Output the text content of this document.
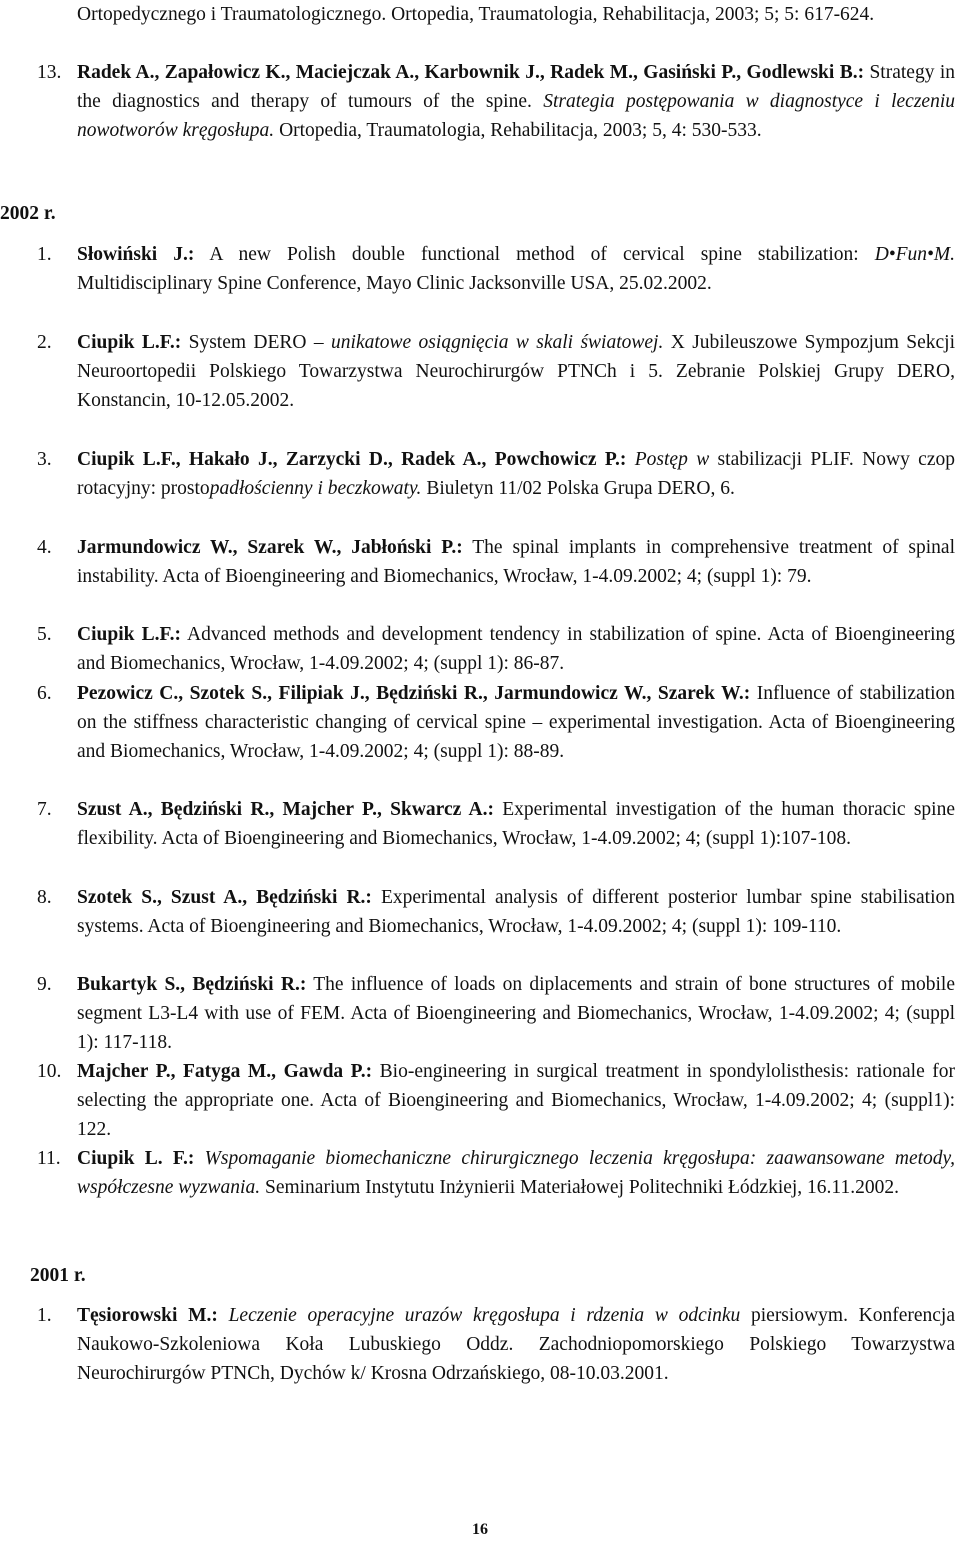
Ortopedycznego i Traumatologicznego. Ortopedia, Traumatologia, Rehabilitacja, 2003; 5; 5: 617-624.
13. Radek A., Zapałowicz K., Maciejczak A., Karbownik J., Radek M., Gasiński P., Godlewski B.: Strategy in the diagnostics and therapy of tumours of the spine. Strategia postępowania w diagnostyce i leczeniu nowotworów kręgosłupa. Ortopedia, Traumatologia, Rehabilitacja, 2003; 5, 4: 530-533.
2002 r.
1.	Słowiński J.: A new Polish double functional method of cervical spine stabilization: D•Fun•M. Multidisciplinary Spine Conference, Mayo Clinic Jacksonville USA, 25.02.2002.
2.	Ciupik L.F.: System DERO – unikatowe osiągnięcia w skali światowej. X Jubileuszowe Sympozjum Sekcji Neuroortopedii Polskiego Towarzystwa Neurochirurgów PTNCh i 5. Zebranie Polskiej Grupy DERO, Konstancin, 10-12.05.2002.
3.	Ciupik L.F., Hakało J., Zarzycki D., Radek A., Powchowicz P.: Postęp w stabilizacji PLIF. Nowy czop rotacyjny: prostopadłościenny i beczkowaty. Biuletyn 11/02 Polska Grupa DERO, 6.
4.	Jarmundowicz W., Szarek W., Jabłoński P.: The spinal implants in comprehensive treatment of spinal instability. Acta of Bioengineering and Biomechanics, Wrocław, 1-4.09.2002; 4; (suppl 1): 79.
5.	Ciupik L.F.: Advanced methods and development tendency in stabilization of spine. Acta of Bioengineering and Biomechanics, Wrocław, 1-4.09.2002; 4; (suppl 1): 86-87.
6.	Pezowicz C., Szotek S., Filipiak J., Będziński R., Jarmundowicz W., Szarek W.: Influence of stabilization on the stiffness characteristic changing of cervical spine – experimental investigation. Acta of Bioengineering and Biomechanics, Wrocław, 1-4.09.2002; 4; (suppl 1): 88-89.
7.	Szust A., Będziński R., Majcher P., Skwarcz A.: Experimental investigation of the human thoracic spine flexibility. Acta of Bioengineering and Biomechanics, Wrocław, 1-4.09.2002; 4; (suppl 1):107-108.
8.	Szotek S., Szust A., Będziński R.: Experimental analysis of different posterior lumbar spine stabilisation systems. Acta of Bioengineering and Biomechanics, Wrocław, 1-4.09.2002; 4; (suppl 1): 109-110.
9.	Bukartyk S., Będziński R.: The influence of loads on diplacements and strain of bone structures of mobile segment L3-L4 with use of FEM. Acta of Bioengineering and Biomechanics, Wrocław, 1-4.09.2002; 4; (suppl 1): 117-118.
10. Majcher P., Fatyga M., Gawda P.: Bio-engineering in surgical treatment in spondylolisthesis: rationale for selecting the appropriate one. Acta of Bioengineering and Biomechanics, Wrocław, 1-4.09.2002; 4; (suppl1): 122.
11. Ciupik L. F.: Wspomaganie biomechaniczne chirurgicznego leczenia kręgosłupa: zaawansowane metody, współczesne wyzwania. Seminarium Instytutu Inżynierii Materiałowej Politechniki Łódzkiej, 16.11.2002.
2001 r.
1.	Tęsiorowski M.: Leczenie operacyjne urazów kręgosłupa i rdzenia w odcinku piersiowym. Konferencja Naukowo-Szkoleniowa Koła Lubuskiego Oddz. Zachodniopomorskiego Polskiego Towarzystwa Neurochirurgów PTNCh, Dychów k/ Krosna Odrzańskiego, 08-10.03.2001.
16
